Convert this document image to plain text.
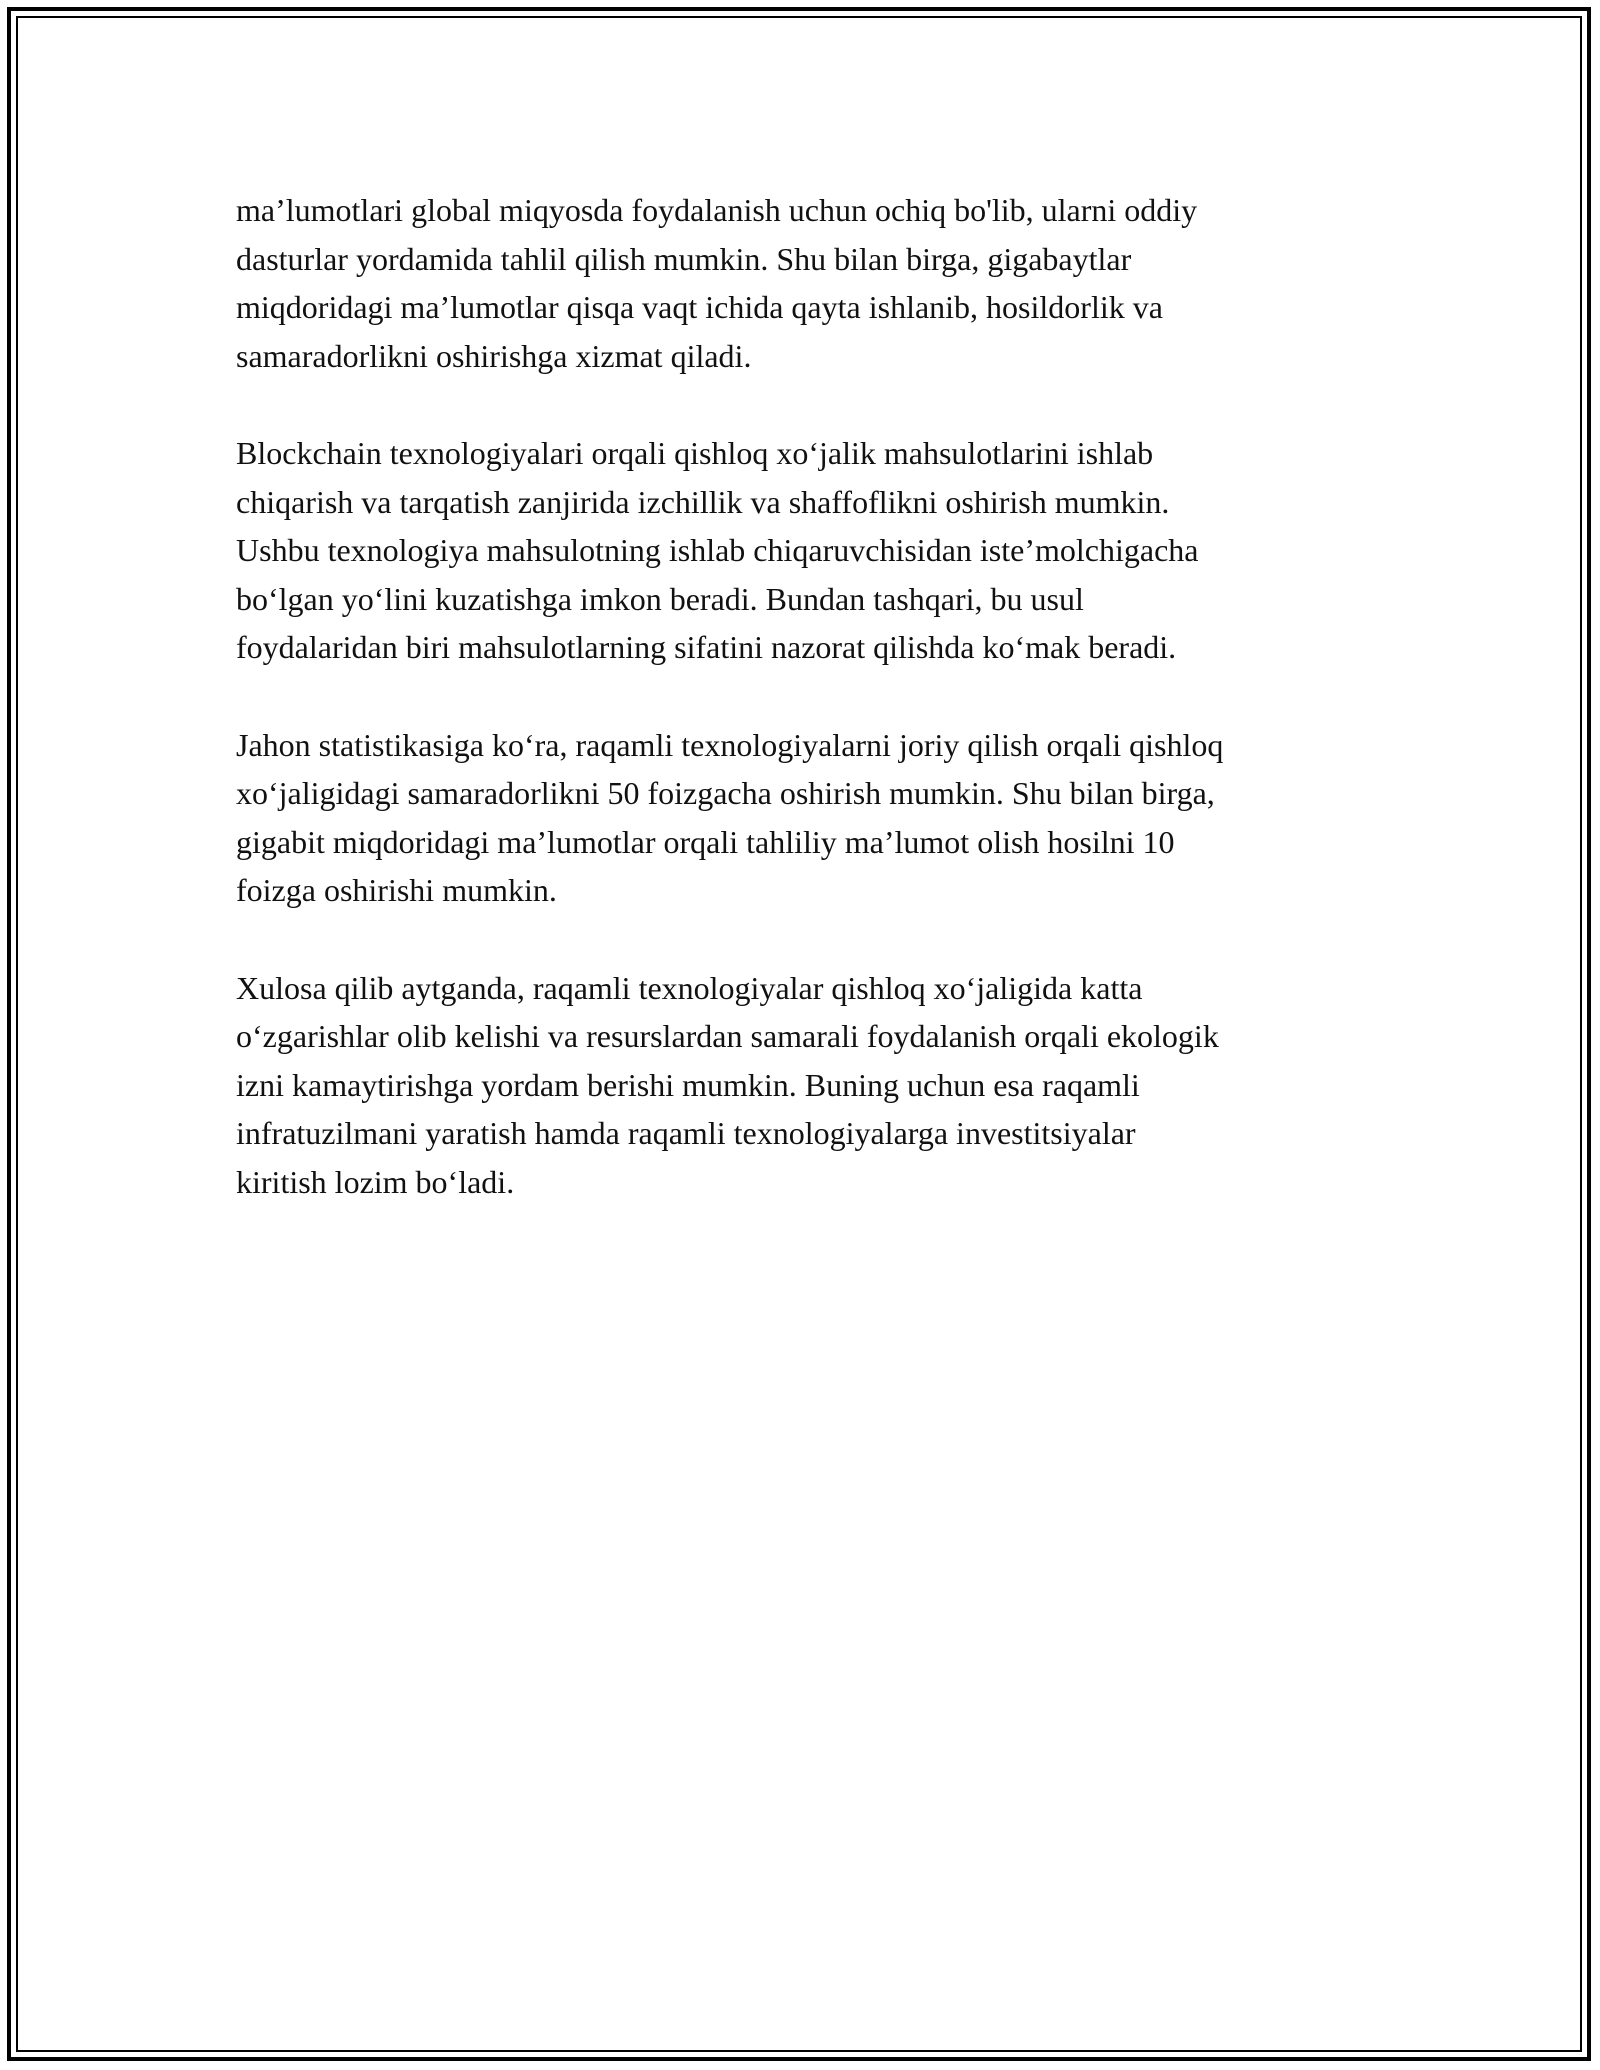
ma’lumotlari global miqyosda foydalanish uchun ochiq bo'lib, ularni oddiy
dasturlar yordamida tahlil qilish mumkin. Shu bilan birga, gigabaytlar
miqdoridagi ma’lumotlar qisqa vaqt ichida qayta ishlanib, hosildorlik va
samaradorlikni oshirishga xizmat qiladi.

Blockchain texnologiyalari orqali qishloq xo‘jalik mahsulotlarini ishlab
chiqarish va tarqatish zanjirida izchillik va shaffoflikni oshirish mumkin.
Ushbu texnologiya mahsulotning ishlab chiqaruvchisidan iste’molchigacha
bo‘lgan yo‘lini kuzatishga imkon beradi. Bundan tashqari, bu usul
foydalaridan biri mahsulotlarning sifatini nazorat qilishda ko‘mak beradi.

Jahon statistikasiga ko‘ra, raqamli texnologiyalarni joriy qilish orqali qishloq
xo‘jaligidagi samaradorlikni 50 foizgacha oshirish mumkin. Shu bilan birga,
gigabit miqdoridagi ma’lumotlar orqali tahliliy ma’lumot olish hosilni 10
foizga oshirishi mumkin.

Xulosa qilib aytganda, raqamli texnologiyalar qishloq xo‘jaligida katta
o‘zgarishlar olib kelishi va resurslardan samarali foydalanish orqali ekologik
izni kamaytirishga yordam berishi mumkin. Buning uchun esa raqamli
infratuzilmani yaratish hamda raqamli texnologiyalarga investitsiyalar
kiritish lozim bo‘ladi.
